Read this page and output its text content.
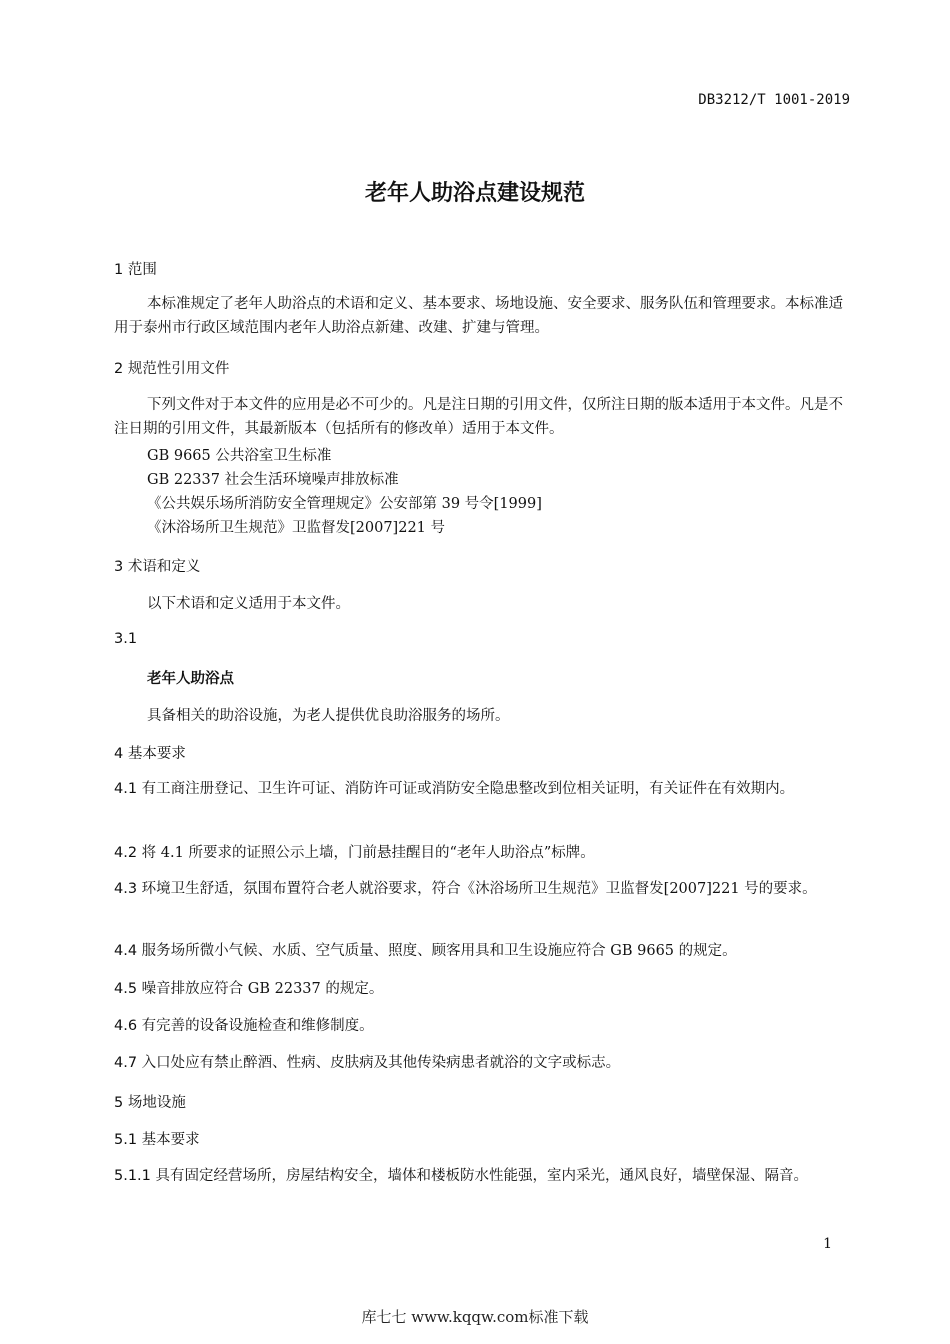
DB3212/T 1001-2019
老年人助浴点建设规范
1 范围
本标准规定了老年人助浴点的术语和定义、基本要求、场地设施、安全要求、服务队伍和管理要求。本标准适用于泰州市行政区域范围内老年人助浴点新建、改建、扩建与管理。
2 规范性引用文件
下列文件对于本文件的应用是必不可少的。凡是注日期的引用文件，仅所注日期的版本适用于本文件。凡是不注日期的引用文件，其最新版本（包括所有的修改单）适用于本文件。
GB 9665 公共浴室卫生标准
GB 22337 社会生活环境噪声排放标准
《公共娱乐场所消防安全管理规定》公安部第 39 号令[1999]
《沐浴场所卫生规范》卫监督发[2007]221 号
3 术语和定义
以下术语和定义适用于本文件。
3.1
老年人助浴点
具备相关的助浴设施，为老人提供优良助浴服务的场所。
4 基本要求
4.1 有工商注册登记、卫生许可证、消防许可证或消防安全隐患整改到位相关证明，有关证件在有效期内。
4.2 将 4.1 所要求的证照公示上墙，门前悬挂醒目的“老年人助浴点”标牌。
4.3 环境卫生舒适，氛围布置符合老人就浴要求，符合《沐浴场所卫生规范》卫监督发[2007]221 号的要求。
4.4 服务场所微小气候、水质、空气质量、照度、顾客用具和卫生设施应符合 GB 9665 的规定。
4.5 噪音排放应符合 GB 22337 的规定。
4.6 有完善的设备设施检查和维修制度。
4.7 入口处应有禁止醉酒、性病、皮肤病及其他传染病患者就浴的文字或标志。
5 场地设施
5.1 基本要求
5.1.1 具有固定经营场所，房屋结构安全，墙体和楼板防水性能强，室内采光，通风良好，墙壁保湿、隔音。
1
库七七 www.kqqw.com标准下载
